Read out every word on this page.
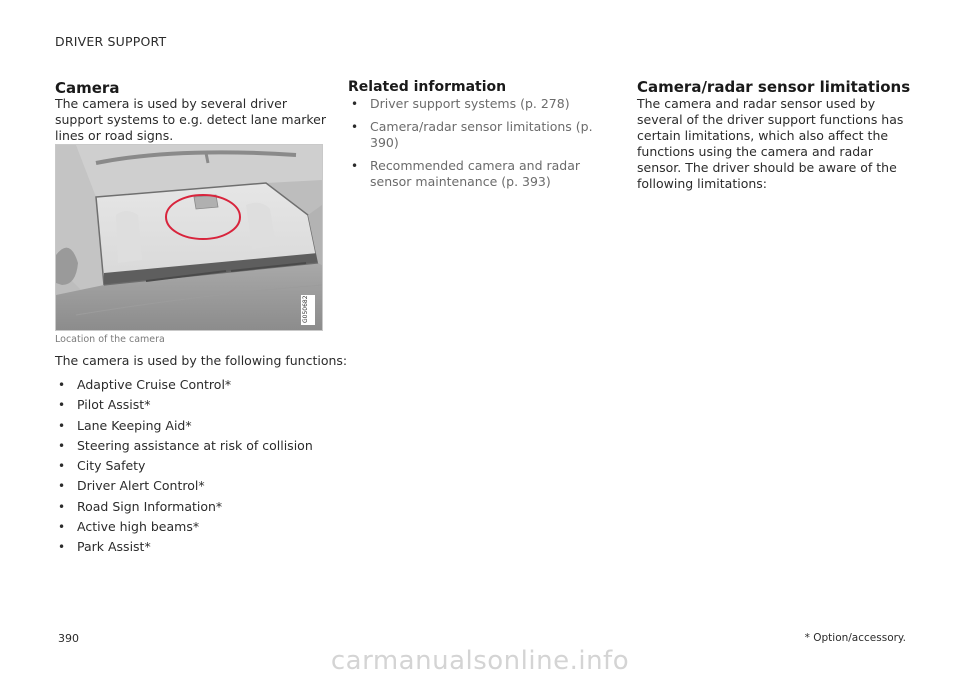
DRIVER SUPPORT
Camera
The camera is used by several driver support systems to e.g. detect lane marker lines or road signs.
G050682
Location of the camera
The camera is used by the following functions:
• Adaptive Cruise Control*
• Pilot Assist*
• Lane Keeping Aid*
• Steering assistance at risk of collision
• City Safety
• Driver Alert Control*
• Road Sign Information*
• Active high beams*
• Park Assist*
Related information
• Driver support systems (p. 278)
• Camera/radar sensor limitations (p. 390)
• Recommended camera and radar sensor maintenance (p. 393)
Camera/radar sensor limitations
The camera and radar sensor used by several of the driver support functions has certain limitations, which also affect the functions using the camera and radar sensor. The driver should be aware of the following limitations:
390	* Option/accessory.
carmanualsonline.info
